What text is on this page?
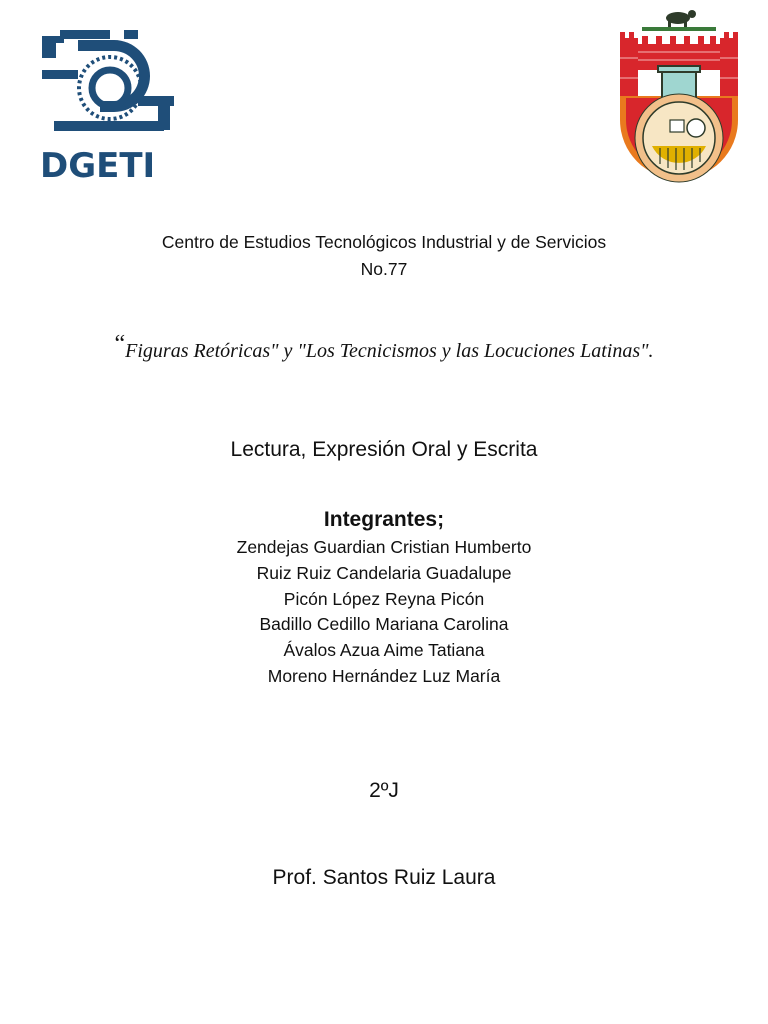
DGETI
Centro de Estudios Tecnológicos Industrial y de Servicios
No.77
“Figuras Retóricas" y "Los Tecnicismos y las Locuciones Latinas".
Lectura, Expresión Oral y Escrita
Integrantes;
Zendejas Guardian Cristian Humberto
Ruiz Ruiz Candelaria Guadalupe
Picón López Reyna Picón
Badillo Cedillo Mariana Carolina
Ávalos Azua Aime Tatiana
Moreno Hernández Luz María
2ºJ
Prof. Santos Ruiz Laura
